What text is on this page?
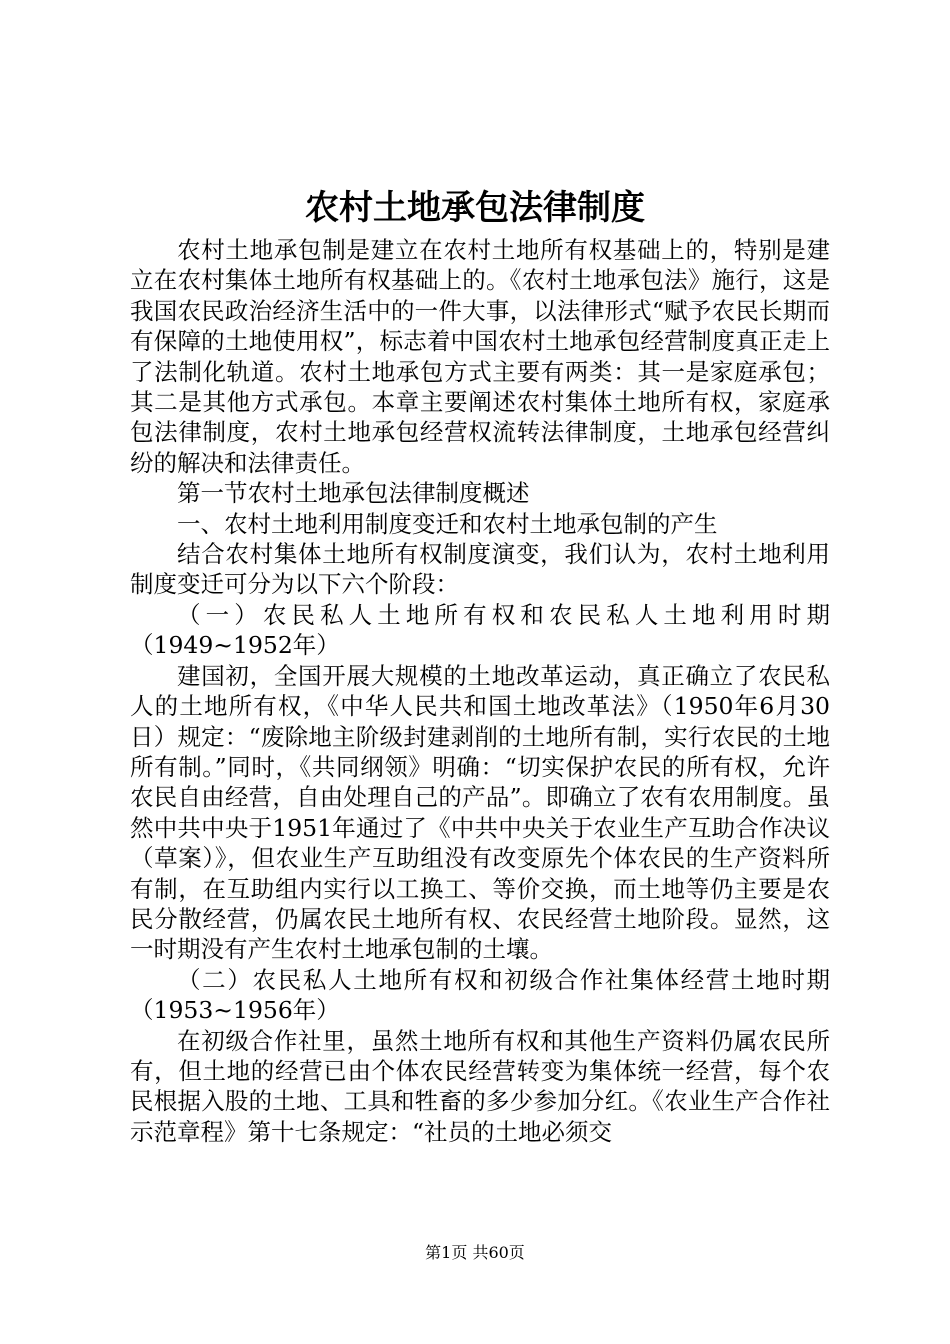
农村土地承包法律制度

农村土地承包制是建立在农村土地所有权基础上的，特别是建立在农村集体土地所有权基础上的。《农村土地承包法》施行，这是我国农民政治经济生活中的一件大事，以法律形式“赋予农民长期而有保障的土地使用权”，标志着中国农村土地承包经营制度真正走上了法制化轨道。农村土地承包方式主要有两类：其一是家庭承包；其二是其他方式承包。本章主要阐述农村集体土地所有权，家庭承包法律制度，农村土地承包经营权流转法律制度，土地承包经营纠纷的解决和法律责任。

第一节农村土地承包法律制度概述

一、农村土地利用制度变迁和农村土地承包制的产生

结合农村集体土地所有权制度演变，我们认为，农村土地利用制度变迁可分为以下六个阶段：

（一）农民私人土地所有权和农民私人土地利用时期（1949~1952年）

建国初，全国开展大规模的土地改革运动，真正确立了农民私人的土地所有权，《中华人民共和国土地改革法》（1950年6月30日）规定：“废除地主阶级封建剥削的土地所有制，实行农民的土地所有制。”同时，《共同纲领》明确：“切实保护农民的所有权，允许农民自由经营，自由处理自己的产品”。即确立了农有农用制度。虽然中共中央于1951年通过了《中共中央关于农业生产互助合作决议（草案）》，但农业生产互助组没有改变原先个体农民的生产资料所有制，在互助组内实行以工换工、等价交换，而土地等仍主要是农民分散经营，仍属农民土地所有权、农民经营土地阶段。显然，这一时期没有产生农村土地承包制的土壤。

（二）农民私人土地所有权和初级合作社集体经营土地时期（1953~1956年）

在初级合作社里，虽然土地所有权和其他生产资料仍属农民所有，但土地的经营已由个体农民经营转变为集体统一经营，每个农民根据入股的土地、工具和牲畜的多少参加分红。《农业生产合作社示范章程》第十七条规定：“社员的土地必须交

第1页 共60页
